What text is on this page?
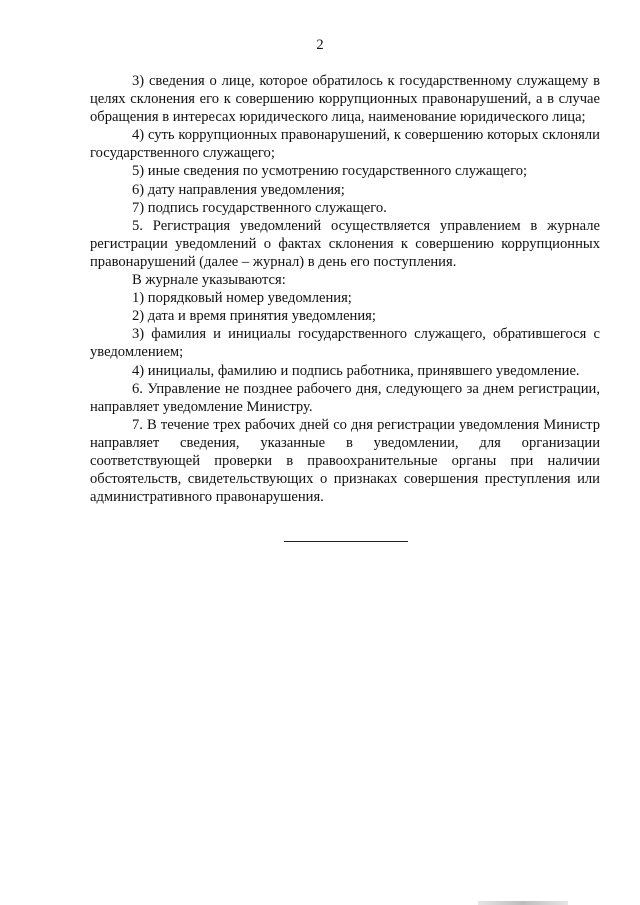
2

3) сведения о лице, которое обратилось к государственному служащему в целях склонения его к совершению коррупционных правонарушений, а в случае обращения в интересах юридического лица, наименование юридического лица;

4) суть коррупционных правонарушений, к совершению которых склоняли государственного служащего;

5) иные сведения по усмотрению государственного служащего;

6) дату направления уведомления;

7) подпись государственного служащего.

5. Регистрация уведомлений осуществляется управлением в журнале регистрации уведомлений о фактах склонения к совершению коррупционных правонарушений (далее – журнал) в день его поступления.

В журнале указываются:

1) порядковый номер уведомления;

2) дата и время принятия уведомления;

3) фамилия и инициалы государственного служащего, обратившегося с уведомлением;

4) инициалы, фамилию и подпись работника, принявшего уведомление.

6. Управление не позднее рабочего дня, следующего за днем регистрации, направляет уведомление Министру.

7. В течение трех рабочих дней со дня регистрации уведомления Министр направляет сведения, указанные в уведомлении, для организации соответствующей проверки в правоохранительные органы при наличии обстоятельств, свидетельствующих о признаках совершения преступления или административного правонарушения.
